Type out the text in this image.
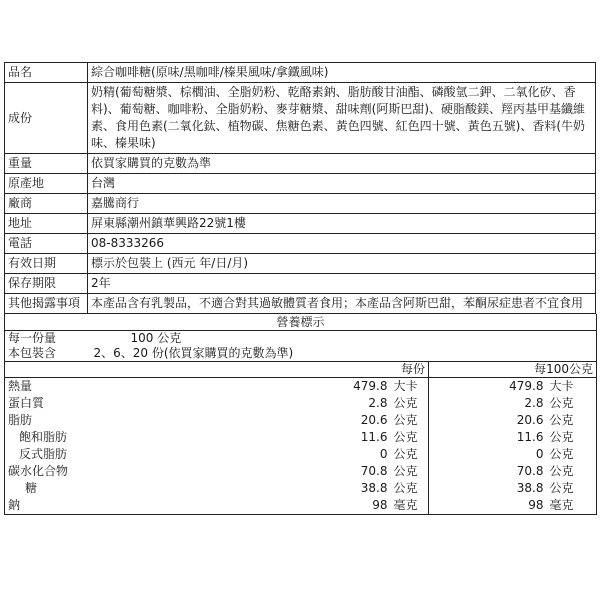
品名	綜合咖啡糖(原味/黑咖啡/榛果風味/拿鐵風味)
成份	奶精(葡萄糖漿、棕櫚油、全脂奶粉、乾酪素鈉、脂肪酸甘油酯、磷酸氫二鉀、二氧化矽、香料)、葡萄糖、咖啡粉、全脂奶粉、麥芽糖漿、甜味劑(阿斯巴甜)、硬脂酸鎂、羥丙基甲基纖維素、食用色素(二氧化鈦、植物碳、焦糖色素、黃色四號、紅色四十號、黃色五號)、香料(牛奶味、榛果味)
重量	依買家購買的克數為準
原產地	台灣
廠商	嘉騰商行
地址	屏東縣潮州鎮華興路22號1樓
電話	08-8333266
有效日期	標示於包裝上 (西元 年/日/月)
保存期限	2年
其他揭露事項	本產品含有乳製品，不適合對其過敏體質者食用；本產品含阿斯巴甜，苯酮尿症患者不宜食用
營養標示				
每一份量	100 公克			
本包裝含	2、6、20 份(依買家購買的克數為準)			
	每份		每100公克	
熱量	479.8	大卡	479.8	大卡
蛋白質	2.8	公克	2.8	公克
脂肪	20.6	公克	20.6	公克
飽和脂肪	11.6	公克	11.6	公克
反式脂肪	0	公克	0	公克
碳水化合物	70.8	公克	70.8	公克
糖	38.8	公克	38.8	公克
鈉	98	毫克	98	毫克
